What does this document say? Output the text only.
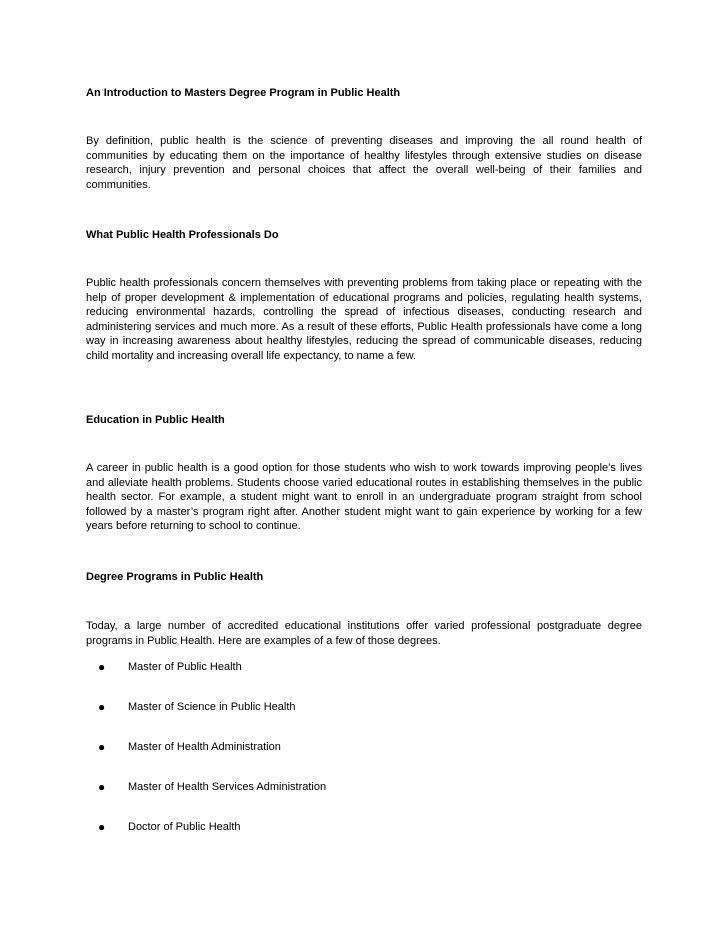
An Introduction to Masters Degree Program in Public Health

By definition, public health is the science of preventing diseases and improving the all round health of communities by educating them on the importance of healthy lifestyles through extensive studies on disease research, injury prevention and personal choices that affect the overall well-being of their families and communities.

What Public Health Professionals Do

Public health professionals concern themselves with preventing problems from taking place or repeating with the help of proper development & implementation of educational programs and policies, regulating health systems, reducing environmental hazards, controlling the spread of infectious diseases, conducting research and administering services and much more. As a result of these efforts, Public Health professionals have come a long way in increasing awareness about healthy lifestyles, reducing the spread of communicable diseases, reducing child mortality and increasing overall life expectancy, to name a few.

Education in Public Health

A career in public health is a good option for those students who wish to work towards improving people’s lives and alleviate health problems. Students choose varied educational routes in establishing themselves in the public health sector. For example, a student might want to enroll in an undergraduate program straight from school followed by a master’s program right after. Another student might want to gain experience by working for a few years before returning to school to continue.

Degree Programs in Public Health

Today, a large number of accredited educational institutions offer varied professional postgraduate degree programs in Public Health. Here are examples of a few of those degrees.

● Master of Public Health
● Master of Science in Public Health
● Master of Health Administration
● Master of Health Services Administration
● Doctor of Public Health
